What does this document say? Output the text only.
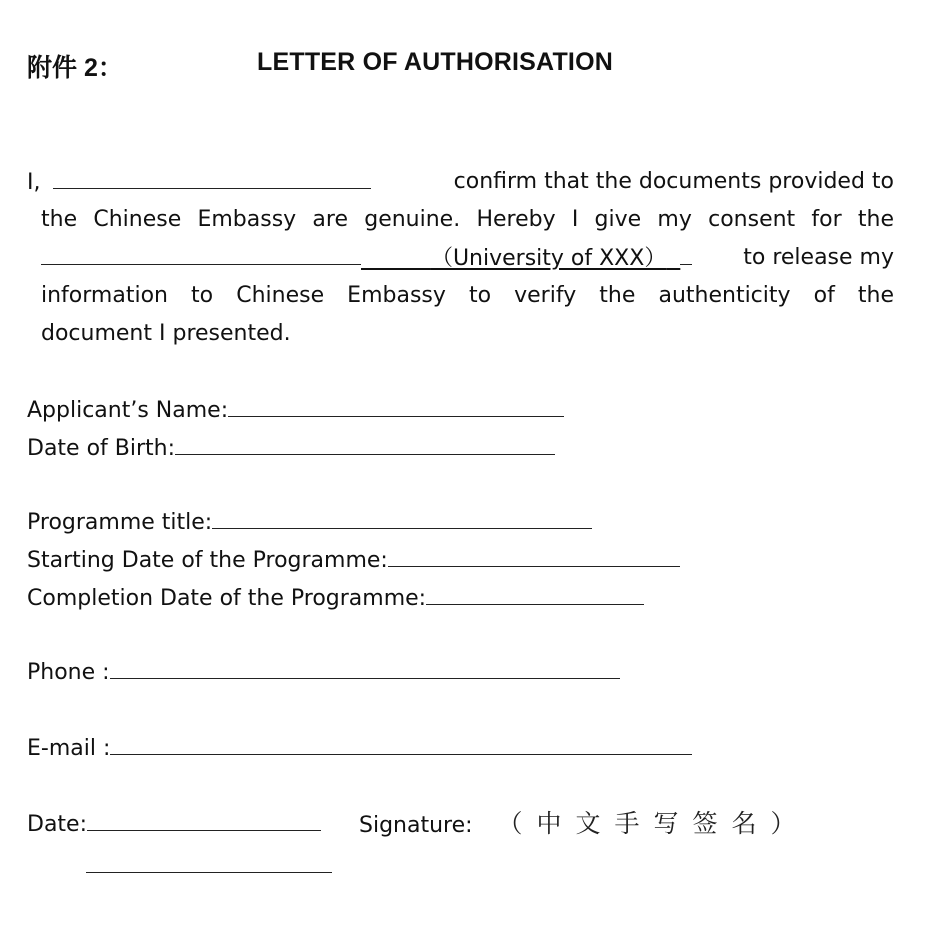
附件 2：	LETTER OF AUTHORISATION
I,	confirm that the documents provided to
the Chinese Embassy are genuine. Hereby I give my consent for the
（University of XXX）	to release my
information to Chinese Embassy to verify the authenticity of the
document I presented.
Applicant’s Name:
Date of Birth:
Programme title:
Starting Date of the Programme:
Completion Date of the Programme:
Phone :
E-mail :
Date:	Signature: （中文手写签名）
